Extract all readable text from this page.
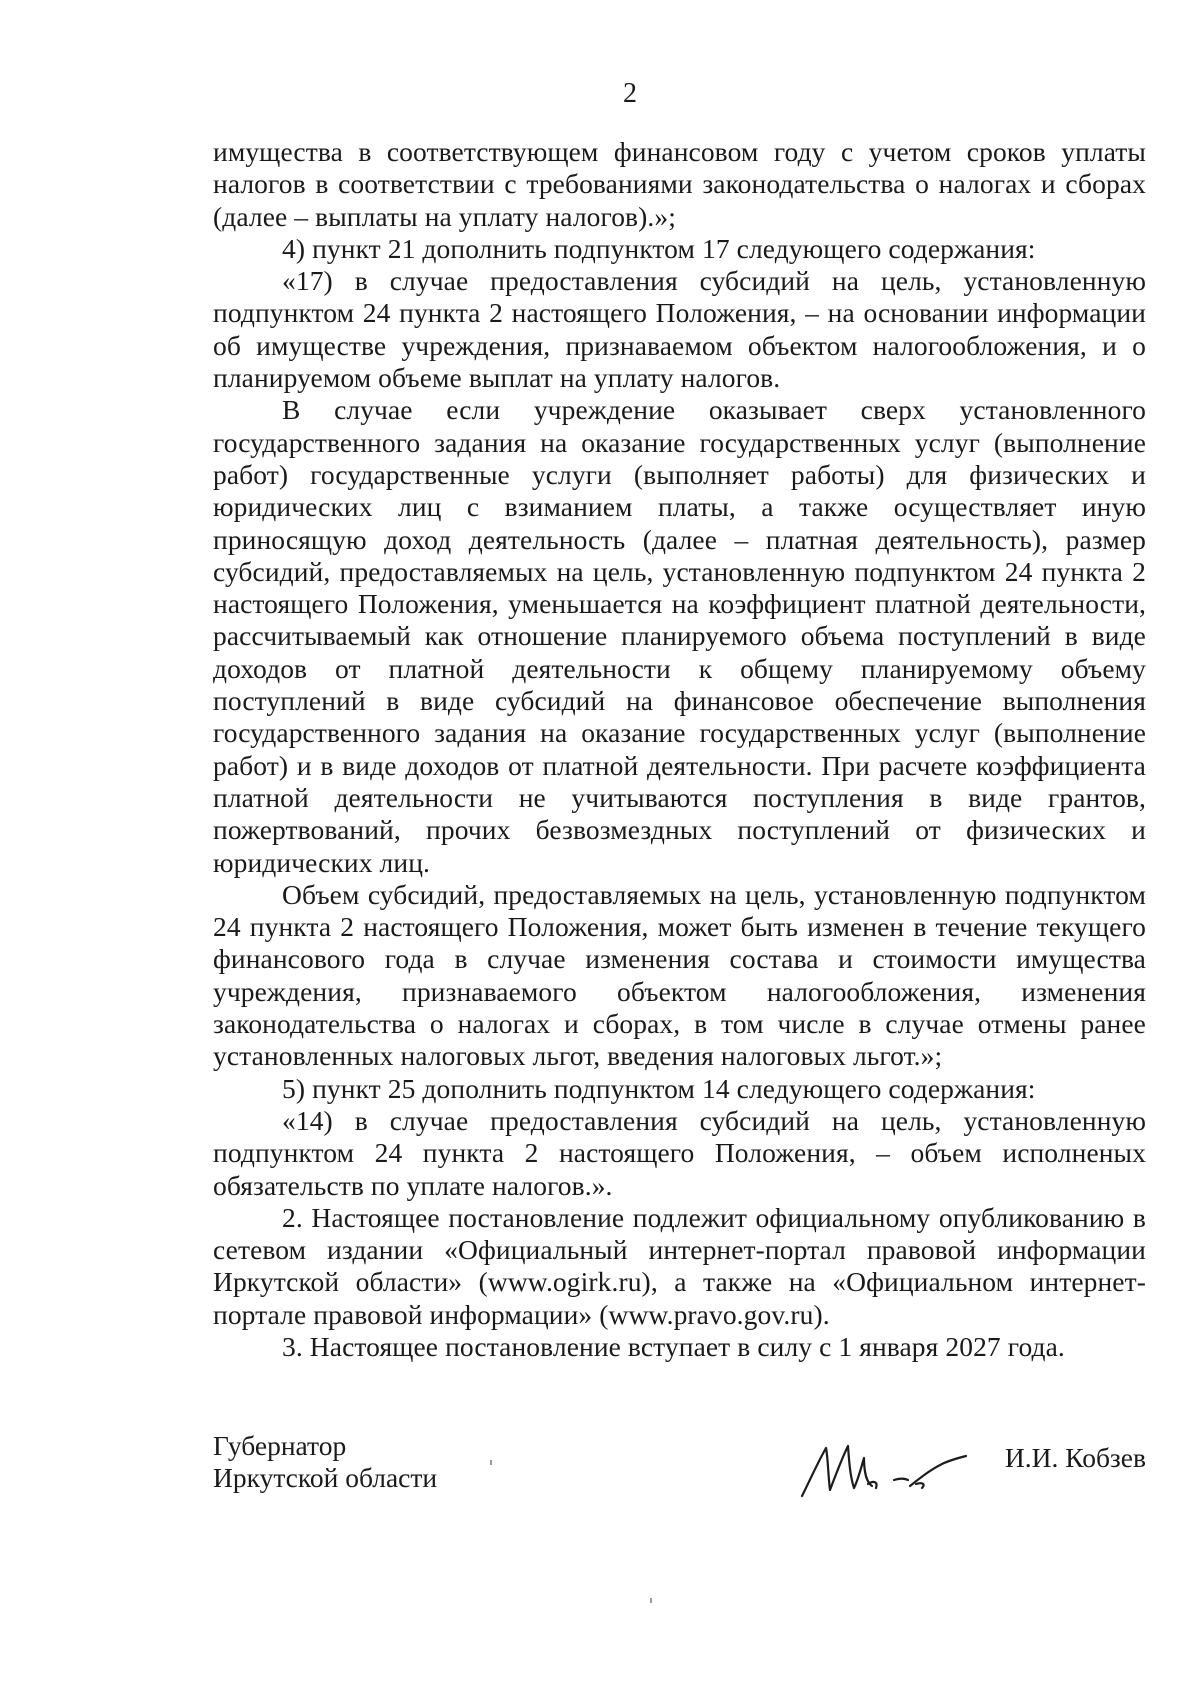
2

имущества в соответствующем финансовом году с учетом сроков уплаты налогов в соответствии с требованиями законодательства о налогах и сборах (далее – выплаты на уплату налогов).»;

4) пункт 21 дополнить подпунктом 17 следующего содержания:

«17) в случае предоставления субсидий на цель, установленную подпунктом 24 пункта 2 настоящего Положения, – на основании информации об имуществе учреждения, признаваемом объектом налогообложения, и о планируемом объеме выплат на уплату налогов.

В случае если учреждение оказывает сверх установленного государственного задания на оказание государственных услуг (выполнение работ) государственные услуги (выполняет работы) для физических и юридических лиц с взиманием платы, а также осуществляет иную приносящую доход деятельность (далее – платная деятельность), размер субсидий, предоставляемых на цель, установленную подпунктом 24 пункта 2 настоящего Положения, уменьшается на коэффициент платной деятельности, рассчитываемый как отношение планируемого объема поступлений в виде доходов от платной деятельности к общему планируемому объему поступлений в виде субсидий на финансовое обеспечение выполнения государственного задания на оказание государственных услуг (выполнение работ) и в виде доходов от платной деятельности. При расчете коэффициента платной деятельности не учитываются поступления в виде грантов, пожертвований, прочих безвозмездных поступлений от физических и юридических лиц.

Объем субсидий, предоставляемых на цель, установленную подпунктом 24 пункта 2 настоящего Положения, может быть изменен в течение текущего финансового года в случае изменения состава и стоимости имущества учреждения, признаваемого объектом налогообложения, изменения законодательства о налогах и сборах, в том числе в случае отмены ранее установленных налоговых льгот, введения налоговых льгот.»;

5) пункт 25 дополнить подпунктом 14 следующего содержания:

«14) в случае предоставления субсидий на цель, установленную подпунктом 24 пункта 2 настоящего Положения, – объем исполненых обязательств по уплате налогов.».

2. Настоящее постановление подлежит официальному опубликованию в сетевом издании «Официальный интернет-портал правовой информации Иркутской области» (www.ogirk.ru), а также на «Официальном интернет-портале правовой информации» (www.pravo.gov.ru).

3. Настоящее постановление вступает в силу с 1 января 2027 года.

Губернатор
Иркутской области
И.И. Кобзев
